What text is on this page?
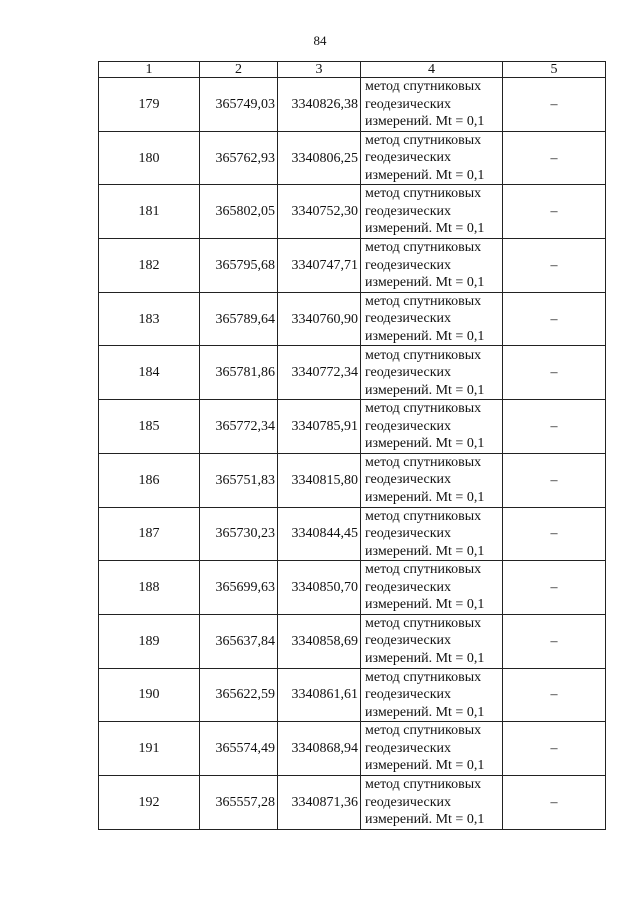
84
1	2	3	4	5
179	365749,03	3340826,38	метод спутниковых
геодезических
измерений. Mt = 0,1	–
180	365762,93	3340806,25	метод спутниковых
геодезических
измерений. Mt = 0,1	–
181	365802,05	3340752,30	метод спутниковых
геодезических
измерений. Mt = 0,1	–
182	365795,68	3340747,71	метод спутниковых
геодезических
измерений. Mt = 0,1	–
183	365789,64	3340760,90	метод спутниковых
геодезических
измерений. Mt = 0,1	–
184	365781,86	3340772,34	метод спутниковых
геодезических
измерений. Mt = 0,1	–
185	365772,34	3340785,91	метод спутниковых
геодезических
измерений. Mt = 0,1	–
186	365751,83	3340815,80	метод спутниковых
геодезических
измерений. Mt = 0,1	–
187	365730,23	3340844,45	метод спутниковых
геодезических
измерений. Mt = 0,1	–
188	365699,63	3340850,70	метод спутниковых
геодезических
измерений. Mt = 0,1	–
189	365637,84	3340858,69	метод спутниковых
геодезических
измерений. Mt = 0,1	–
190	365622,59	3340861,61	метод спутниковых
геодезических
измерений. Mt = 0,1	–
191	365574,49	3340868,94	метод спутниковых
геодезических
измерений. Mt = 0,1	–
192	365557,28	3340871,36	метод спутниковых
геодезических
измерений. Mt = 0,1	–
